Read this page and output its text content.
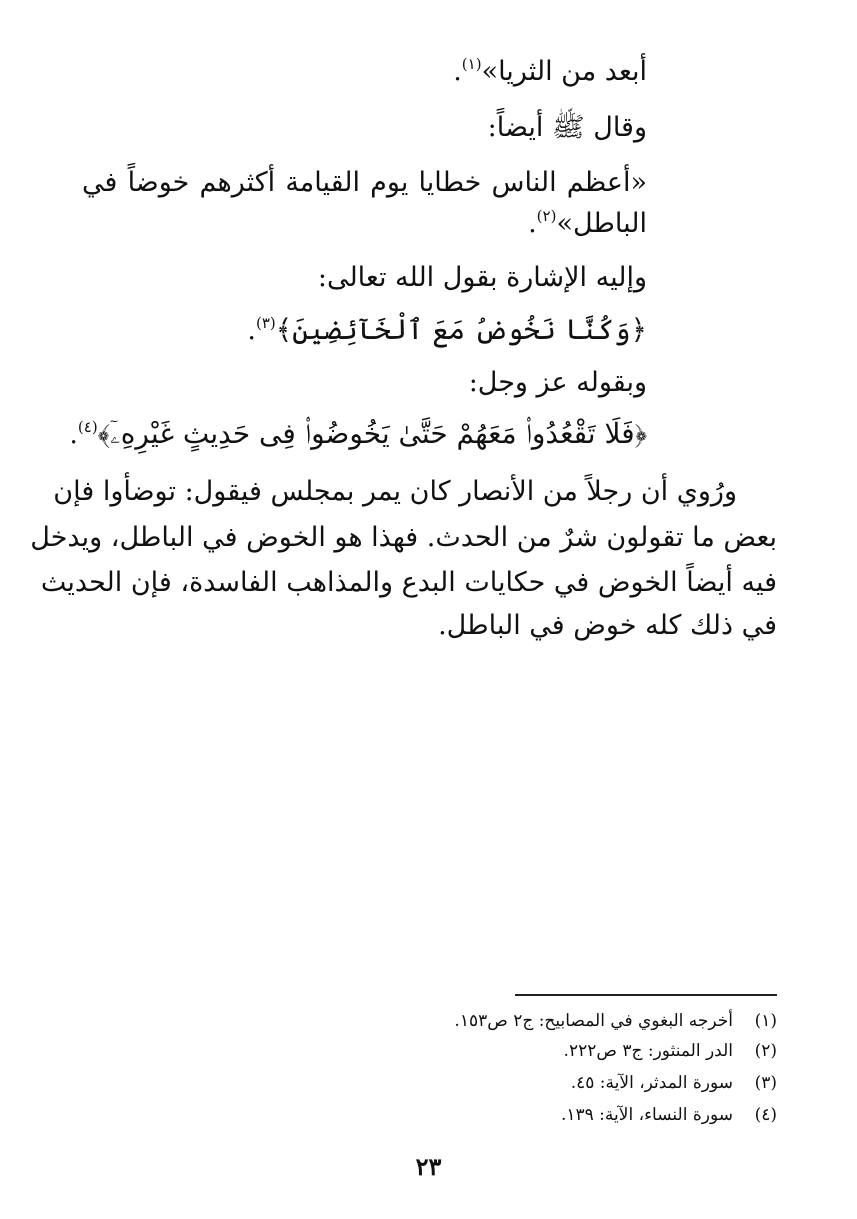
أبعد من الثريا»$^{(١)}$.
وقال ﷺ أيضاً:
«أعظم الناس خطايا يوم القيامة أكثرهم خوضاً في
الباطل»$^{(٢)}$.
وإليه الإشارة بقول الله تعالى:
﴿وَكُنَّا نَخُوضُ مَعَ ٱلْخَآئِضِينَ﴾$^{(٣)}$.
وبقوله عز وجل:
﴿فَلَا تَقْعُدُوا۟ مَعَهُمْ حَتَّىٰ يَخُوضُوا۟ فِى حَدِيثٍ غَيْرِهِۦٓ﴾$^{(٤)}$.
ورُوي أن رجلاً من الأنصار كان يمر بمجلس فيقول: توضأوا فإن
بعض ما تقولون شرٌ من الحدث. فهذا هو الخوض في الباطل، ويدخل
فيه أيضاً الخوض في حكايات البدع والمذاهب الفاسدة، فإن الحديث
في ذلك كله خوض في الباطل.
(١)أخرجه البغوي في المصابيح: ج٢ ص١٥٣.
(٢)الدر المنثور: ج٣ ص٢٢٢.
(٣)سورة المدثر، الآية: ٤٥.
(٤)سورة النساء، الآية: ١٣٩.
٢٣
